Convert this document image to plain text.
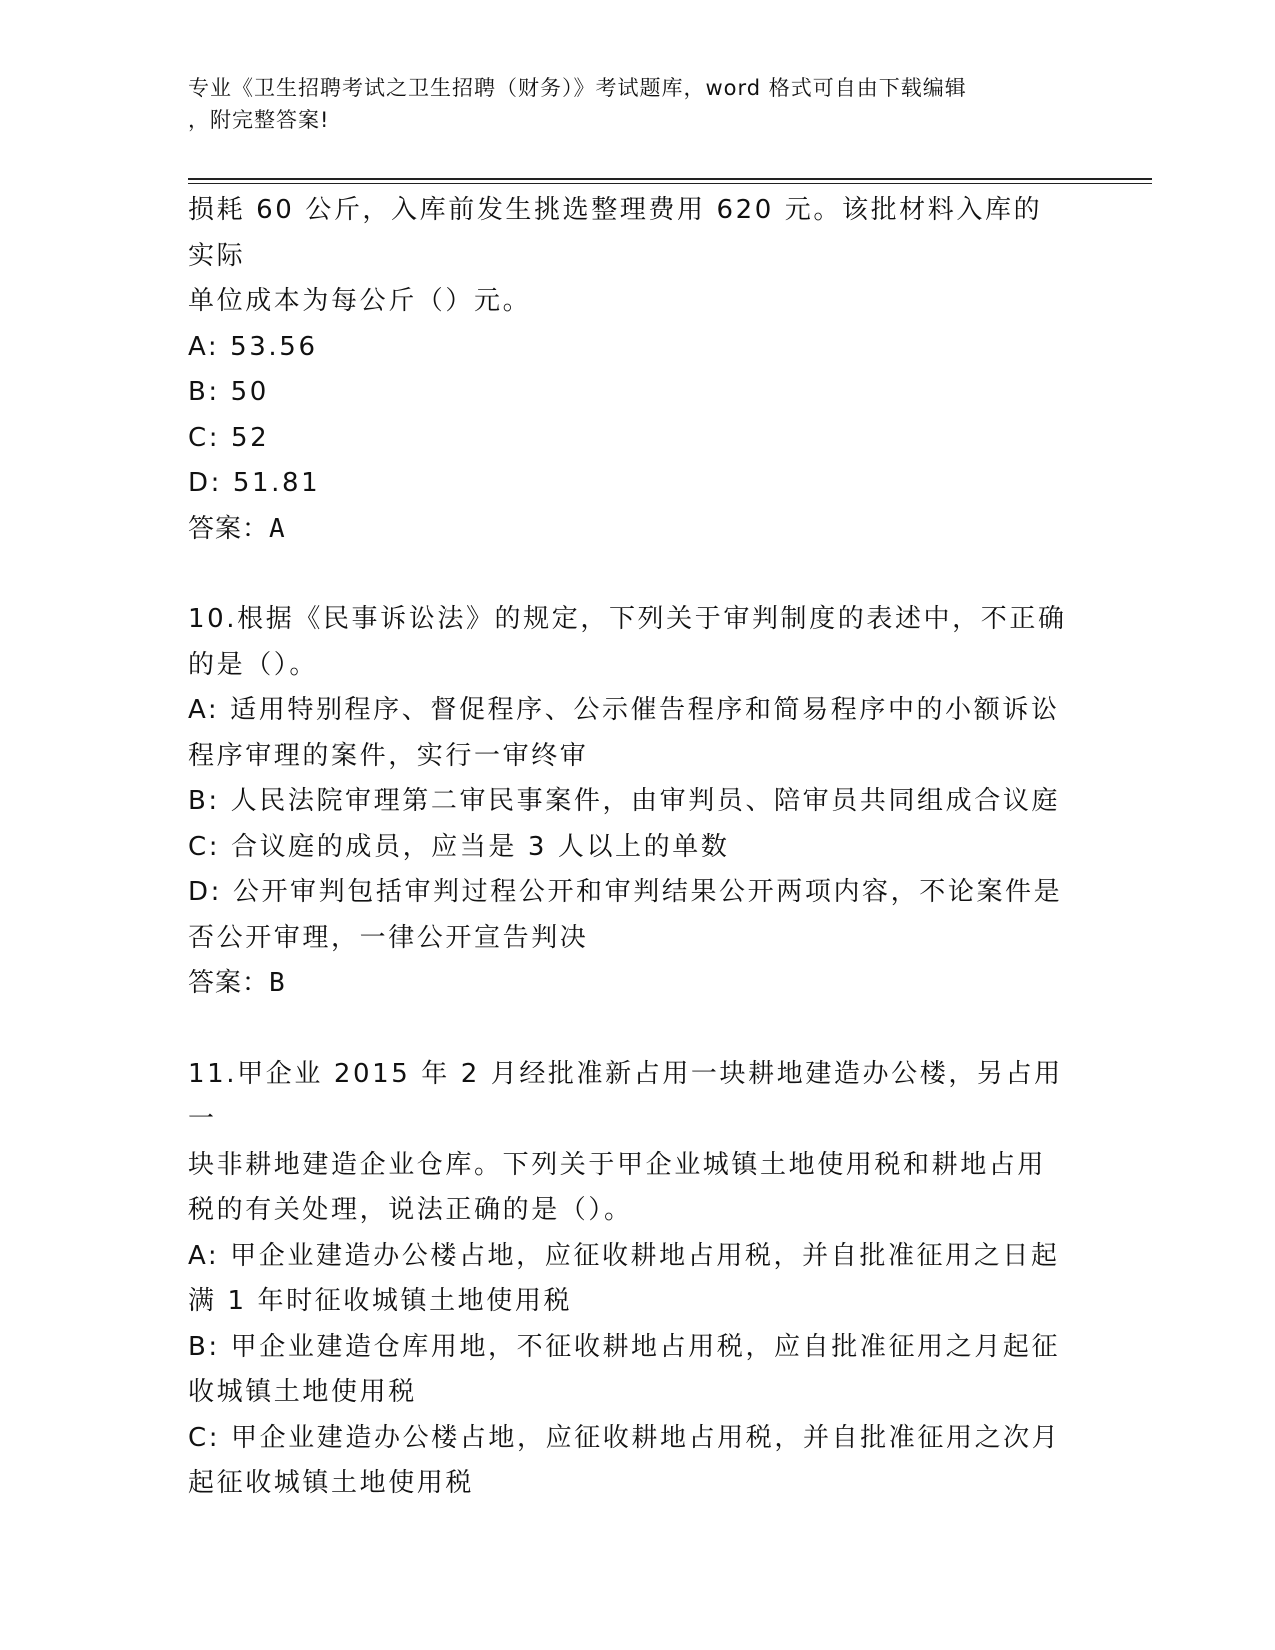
专业《卫生招聘考试之卫生招聘（财务）》考试题库，word 格式可自由下载编辑
，附完整答案!

损耗 60 公斤，入库前发生挑选整理费用 620 元。该批材料入库的实际

单位成本为每公斤（）元。

A: 53.56

B: 50

C: 52

D: 51.81

答案：A

10.根据《民事诉讼法》的规定，下列关于审判制度的表述中，不正确

的是（）。

A: 适用特别程序、督促程序、公示催告程序和简易程序中的小额诉讼

程序审理的案件，实行一审终审

B: 人民法院审理第二审民事案件，由审判员、陪审员共同组成合议庭

C: 合议庭的成员，应当是 3 人以上的单数

D: 公开审判包括审判过程公开和审判结果公开两项内容，不论案件是

否公开审理，一律公开宣告判决

答案：B

11.甲企业 2015 年 2 月经批准新占用一块耕地建造办公楼，另占用一

块非耕地建造企业仓库。下列关于甲企业城镇土地使用税和耕地占用

税的有关处理，说法正确的是（）。

A: 甲企业建造办公楼占地，应征收耕地占用税，并自批准征用之日起

满 1 年时征收城镇土地使用税

B: 甲企业建造仓库用地，不征收耕地占用税，应自批准征用之月起征

收城镇土地使用税

C: 甲企业建造办公楼占地，应征收耕地占用税，并自批准征用之次月

起征收城镇土地使用税
